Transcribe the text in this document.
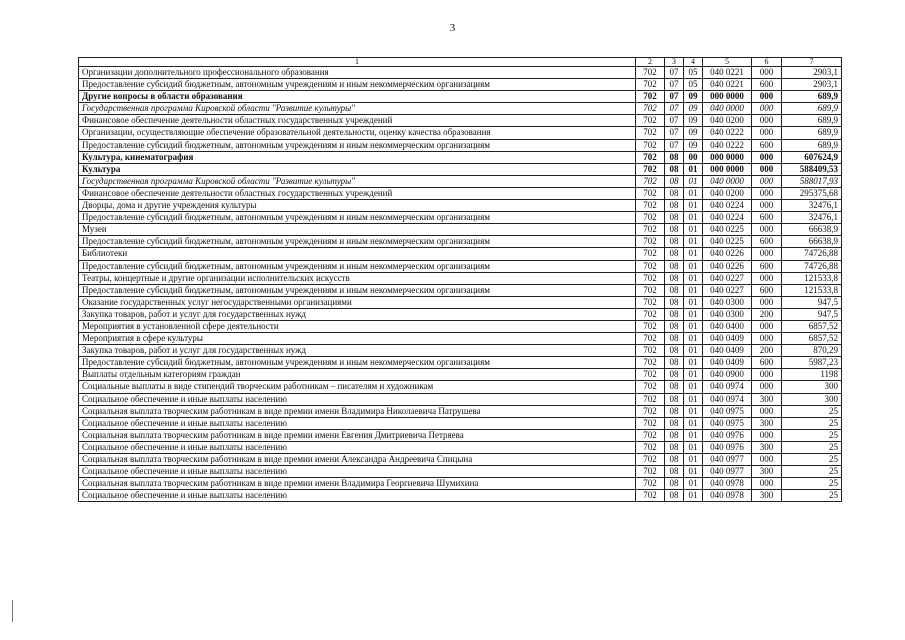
3
1	2	3	4	5	6	7
Организации дополнительного профессионального образования	702	07	05	040 0221	000	2903,1
Предоставление субсидий бюджетным, автономным учреждениям и иным некоммерческим организациям	702	07	05	040 0221	600	2903,1
Другие вопросы в области образования	702	07	09	000 0000	000	689,9
Государственная программа Кировской области "Развитие культуры"	702	07	09	040 0000	000	689,9
Финансовое обеспечение деятельности областных государственных учреждений	702	07	09	040 0200	000	689,9
Организации, осуществляющие обеспечение образовательной деятельности, оценку качества образования	702	07	09	040 0222	000	689,9
Предоставление субсидий бюджетным, автономным учреждениям и иным некоммерческим организациям	702	07	09	040 0222	600	689,9
Культура, кинематография	702	08	00	000 0000	000	607624,9
Культура	702	08	01	000 0000	000	588409,53
Государственная программа Кировской области "Развитие культуры"	702	08	01	040 0000	000	588017,93
Финансовое обеспечение деятельности областных государственных учреждений	702	08	01	040 0200	000	295375,68
Дворцы, дома и другие учреждения культуры	702	08	01	040 0224	000	32476,1
Предоставление субсидий бюджетным, автономным учреждениям и иным некоммерческим организациям	702	08	01	040 0224	600	32476,1
Музеи	702	08	01	040 0225	000	66638,9
Предоставление субсидий бюджетным, автономным учреждениям и иным некоммерческим организациям	702	08	01	040 0225	600	66638,9
Библиотеки	702	08	01	040 0226	000	74726,88
Предоставление субсидий бюджетным, автономным учреждениям и иным некоммерческим организациям	702	08	01	040 0226	600	74726,88
Театры, концертные и другие организации исполнительских искусств	702	08	01	040 0227	000	121533,8
Предоставление субсидий бюджетным, автономным учреждениям и иным некоммерческим организациям	702	08	01	040 0227	600	121533,8
Оказание государственных услуг негосударственными организациями	702	08	01	040 0300	000	947,5
Закупка товаров, работ и услуг для государственных нужд	702	08	01	040 0300	200	947,5
Мероприятия в установленной сфере деятельности	702	08	01	040 0400	000	6857,52
Мероприятия в сфере культуры	702	08	01	040 0409	000	6857,52
Закупка товаров, работ и услуг для государственных нужд	702	08	01	040 0409	200	870,29
Предоставление субсидий бюджетным, автономным учреждениям и иным некоммерческим организациям	702	08	01	040 0409	600	5987,23
Выплаты отдельным категориям граждан	702	08	01	040 0900	000	1198
Социальные выплаты в виде стипендий творческим работникам – писателям и художникам	702	08	01	040 0974	000	300
Социальное обеспечение и иные выплаты населению	702	08	01	040 0974	300	300
Социальная выплата творческим работникам в виде премии имени Владимира Николаевича Патрушева	702	08	01	040 0975	000	25
Социальное обеспечение и иные выплаты населению	702	08	01	040 0975	300	25
Социальная выплата творческим работникам в виде премии имени Евгения Дмитриевича Петряева	702	08	01	040 0976	000	25
Социальное обеспечение и иные выплаты населению	702	08	01	040 0976	300	25
Социальная выплата творческим работникам в виде премии имени Александра Андреевича Спицына	702	08	01	040 0977	000	25
Социальное обеспечение и иные выплаты населению	702	08	01	040 0977	300	25
Социальная выплата творческим работникам в виде премии имени Владимира Георгиевича Шумихина	702	08	01	040 0978	000	25
Социальное обеспечение и иные выплаты населению	702	08	01	040 0978	300	25
